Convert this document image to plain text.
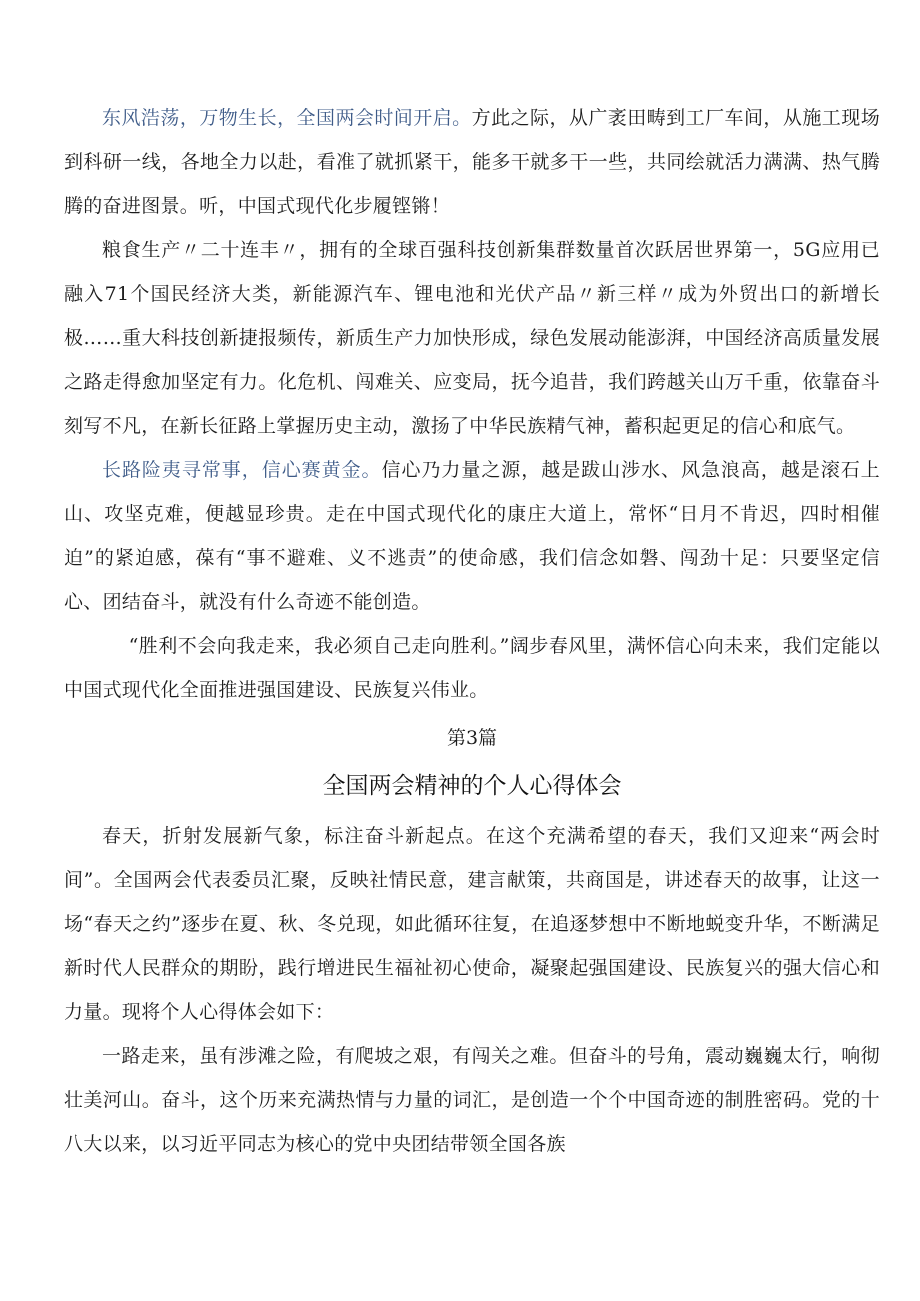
东风浩荡，万物生长，全国两会时间开启。方此之际，从广袤田畴到工厂车间，从施工现场到科研一线，各地全力以赴，看准了就抓紧干，能多干就多干一些，共同绘就活力满满、热气腾腾的奋进图景。听，中国式现代化步履铿锵！

粮食生产〃二十连丰〃，拥有的全球百强科技创新集群数量首次跃居世界第一，5G应用已融入71个国民经济大类，新能源汽车、锂电池和光伏产品〃新三样〃成为外贸出口的新增长极……重大科技创新捷报频传，新质生产力加快形成，绿色发展动能澎湃，中国经济高质量发展之路走得愈加坚定有力。化危机、闯难关、应变局，抚今追昔，我们跨越关山万千重，依靠奋斗刻写不凡，在新长征路上掌握历史主动，激扬了中华民族精气神，蓄积起更足的信心和底气。

长路险夷寻常事，信心赛黄金。信心乃力量之源，越是跋山涉水、风急浪高，越是滚石上山、攻坚克难，便越显珍贵。走在中国式现代化的康庄大道上，常怀“日月不肯迟，四时相催迫”的紧迫感，葆有“事不避难、义不逃责”的使命感，我们信念如磐、闯劲十足：只要坚定信心、团结奋斗，就没有什么奇迹不能创造。

“胜利不会向我走来，我必须自己走向胜利。”阔步春风里，满怀信心向未来，我们定能以中国式现代化全面推进强国建设、民族复兴伟业。

第3篇

全国两会精神的个人心得体会

春天，折射发展新气象，标注奋斗新起点。在这个充满希望的春天，我们又迎来“两会时间”。全国两会代表委员汇聚，反映社情民意，建言献策，共商国是，讲述春天的故事，让这一场“春天之约”逐步在夏、秋、冬兑现，如此循环往复，在追逐梦想中不断地蜕变升华，不断满足新时代人民群众的期盼，践行增进民生福祉初心使命，凝聚起强国建设、民族复兴的强大信心和力量。现将个人心得体会如下：

一路走来，虽有涉滩之险，有爬坡之艰，有闯关之难。但奋斗的号角，震动巍巍太行，响彻壮美河山。奋斗，这个历来充满热情与力量的词汇，是创造一个个中国奇迹的制胜密码。党的十八大以来，以习近平同志为核心的党中央团结带领全国各族
